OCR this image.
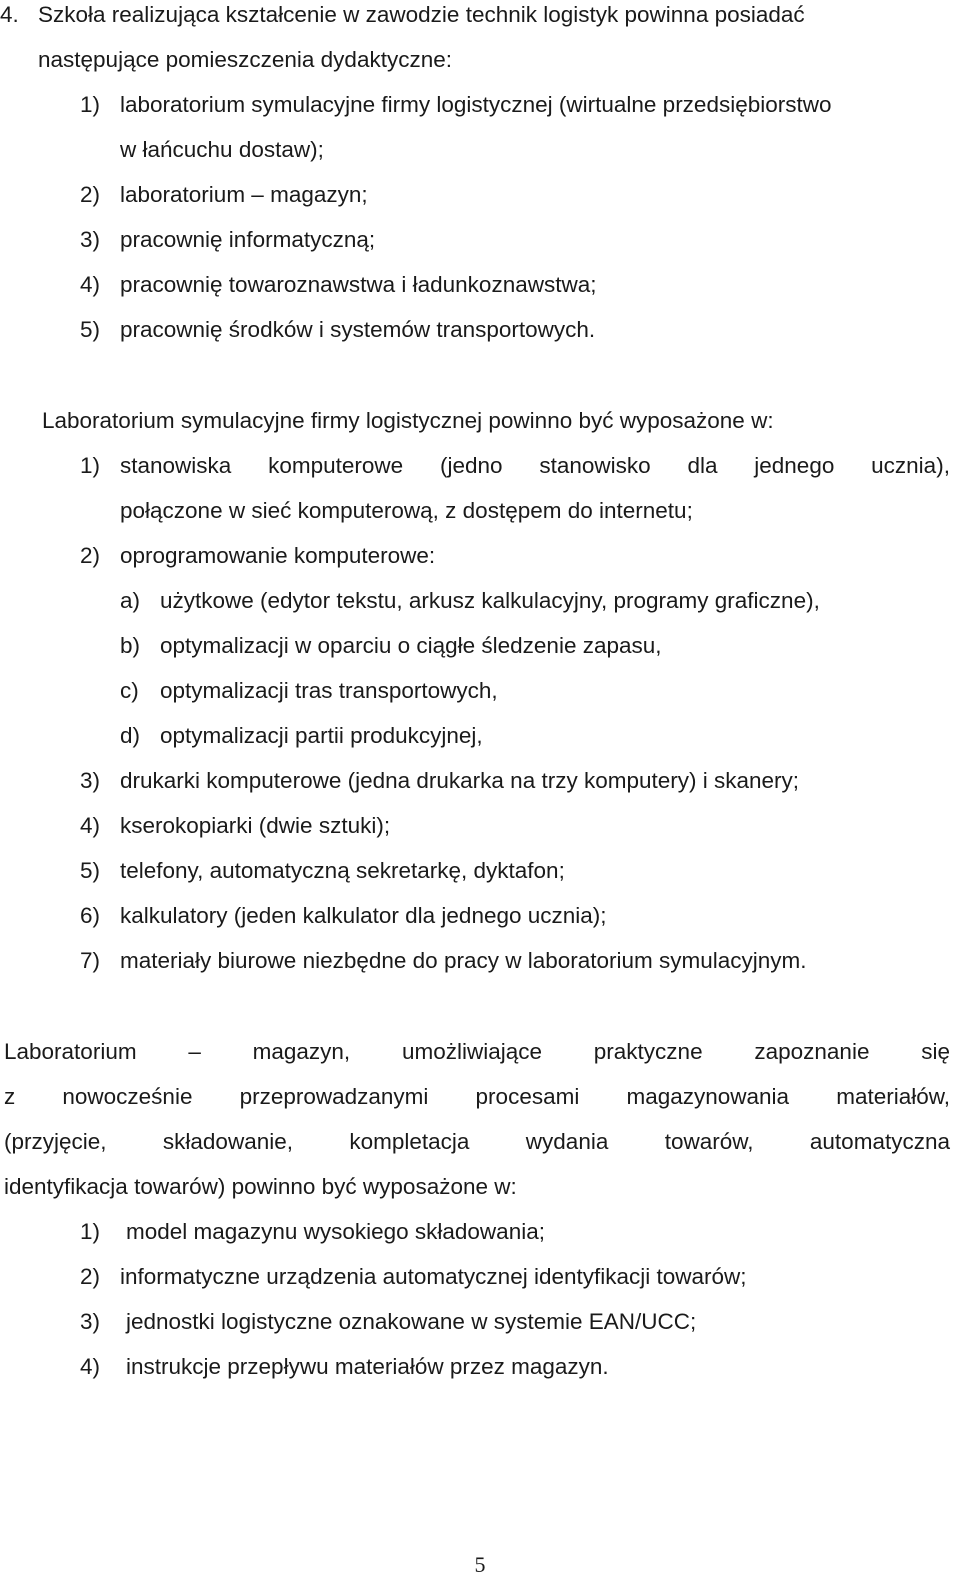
4. Szkoła realizująca kształcenie w zawodzie technik logistyk powinna posiadać
następujące pomieszczenia dydaktyczne:
1) laboratorium symulacyjne firmy logistycznej (wirtualne przedsiębiorstwo
w łańcuchu dostaw);
2) laboratorium – magazyn;
3) pracownię informatyczną;
4) pracownię towaroznawstwa i ładunkoznawstwa;
5) pracownię środków i systemów transportowych.
Laboratorium symulacyjne firmy logistycznej powinno być wyposażone w:
1) stanowiska komputerowe (jedno stanowisko dla jednego ucznia),
połączone w sieć komputerową, z dostępem do internetu;
2) oprogramowanie komputerowe:
a) użytkowe (edytor tekstu, arkusz kalkulacyjny, programy graficzne),
b) optymalizacji w oparciu o ciągłe śledzenie zapasu,
c) optymalizacji tras transportowych,
d) optymalizacji partii produkcyjnej,
3) drukarki komputerowe (jedna drukarka na trzy komputery) i skanery;
4) kserokopiarki (dwie sztuki);
5) telefony, automatyczną sekretarkę, dyktafon;
6) kalkulatory (jeden kalkulator dla jednego ucznia);
7) materiały biurowe niezbędne do pracy w laboratorium symulacyjnym.
Laboratorium – magazyn, umożliwiające praktyczne zapoznanie się
z nowocześnie przeprowadzanymi procesami magazynowania materiałów,
(przyjęcie,	składowanie,	kompletacja	wydania	towarów,	automatyczna
identyfikacja towarów) powinno być wyposażone w:
1) model magazynu wysokiego składowania;
2) informatyczne urządzenia automatycznej identyfikacji towarów;
3) jednostki logistyczne oznakowane w systemie EAN/UCC;
4) instrukcje przepływu materiałów przez magazyn.
5
